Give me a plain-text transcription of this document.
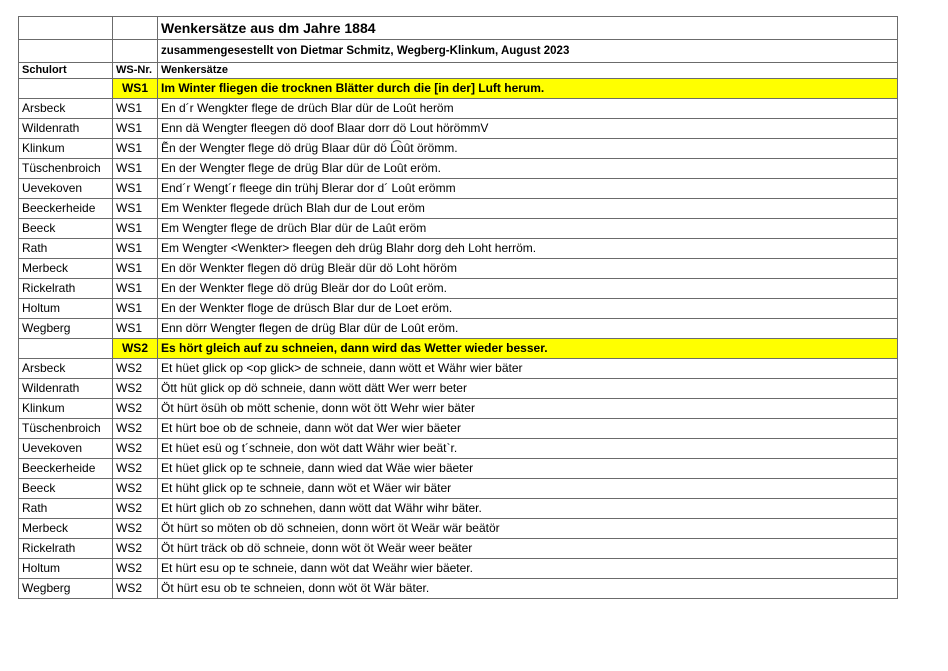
		Wenkersätze aus dm Jahre 1884
		zusammengesestellt von Dietmar Schmitz, Wegberg-Klinkum, August 2023
Schulort	WS-Nr.	Wenkersätze
	WS1	Im Winter fliegen die trocknen Blätter durch die [in der] Luft herum.
Arsbeck	WS1	En d´r Wengkter flege de drüch Blar dür de Loût heröm
Wildenrath	WS1	Enn dä Wengter fleegen dö doof Blaar dorr dö Lout hörömmV
Klinkum	WS1	Ẽn der Wengter flege dö drüg Blaar dür dö L͡oût örömm.
Tüschenbroich	WS1	En der Wengter flege de drüg Blar dür de Loût eröm.
Uevekoven	WS1	End´r Wengt´r fleege din trühj Blerar dor d´ Loût erömm
Beeckerheide	WS1	Em Wenkter flegede drüch Blah dur de Lout eröm
Beeck	WS1	Em Wengter flege de drüch Blar dür de Laût eröm
Rath	WS1	Em Wengter <Wenkter> fleegen deh drüg Blahr dorg deh Loht herröm.
Merbeck	WS1	En dör Wenkter flegen dö drüg Bleär dür dö Loht höröm
Rickelrath	WS1	En der Wenkter flege dö drüg Bleär dor do Loût eröm.
Holtum	WS1	En der Wenkter floge de drüsch Blar dur de Loet eröm.
Wegberg	WS1	Enn dörr Wengter flegen de drüg Blar dür de Loût eröm.
	WS2	Es hört gleich auf zu schneien, dann wird das Wetter wieder besser.
Arsbeck	WS2	Et hüet glick op <op glick> de schneie, dann wött et Währ wier bäter
Wildenrath	WS2	Ött hüt glick op dö schneie, dann wött dätt Wer werr beter
Klinkum	WS2	Öt hürt ösüh ob mött schenie, donn wöt ött Wehr wier bäter
Tüschenbroich	WS2	Et hürt boe ob de schneie, dann wöt dat Wer wier bäeter
Uevekoven	WS2	Et hüet esü og t´schneie, don wöt datt Währ wier beät`r.
Beeckerheide	WS2	Et hüet glick op te schneie, dann wied dat Wäe wier bäeter
Beeck	WS2	Et hüht glick op te schneie, dann wöt et Wäer wir bäter
Rath	WS2	Et hürt glich ob zo schnehen, dann wött dat Währ wihr bäter.
Merbeck	WS2	Öt hürt so möten ob dö schneien, donn wört öt Weär wär beätör
Rickelrath	WS2	Öt hürt träck ob dö schneie, donn wöt öt Weär weer beäter
Holtum	WS2	Et hürt esu op te schneie, dann wöt dat Weähr wier bäeter.
Wegberg	WS2	Öt hürt esu ob te schneien, donn wöt öt Wär bäter.
